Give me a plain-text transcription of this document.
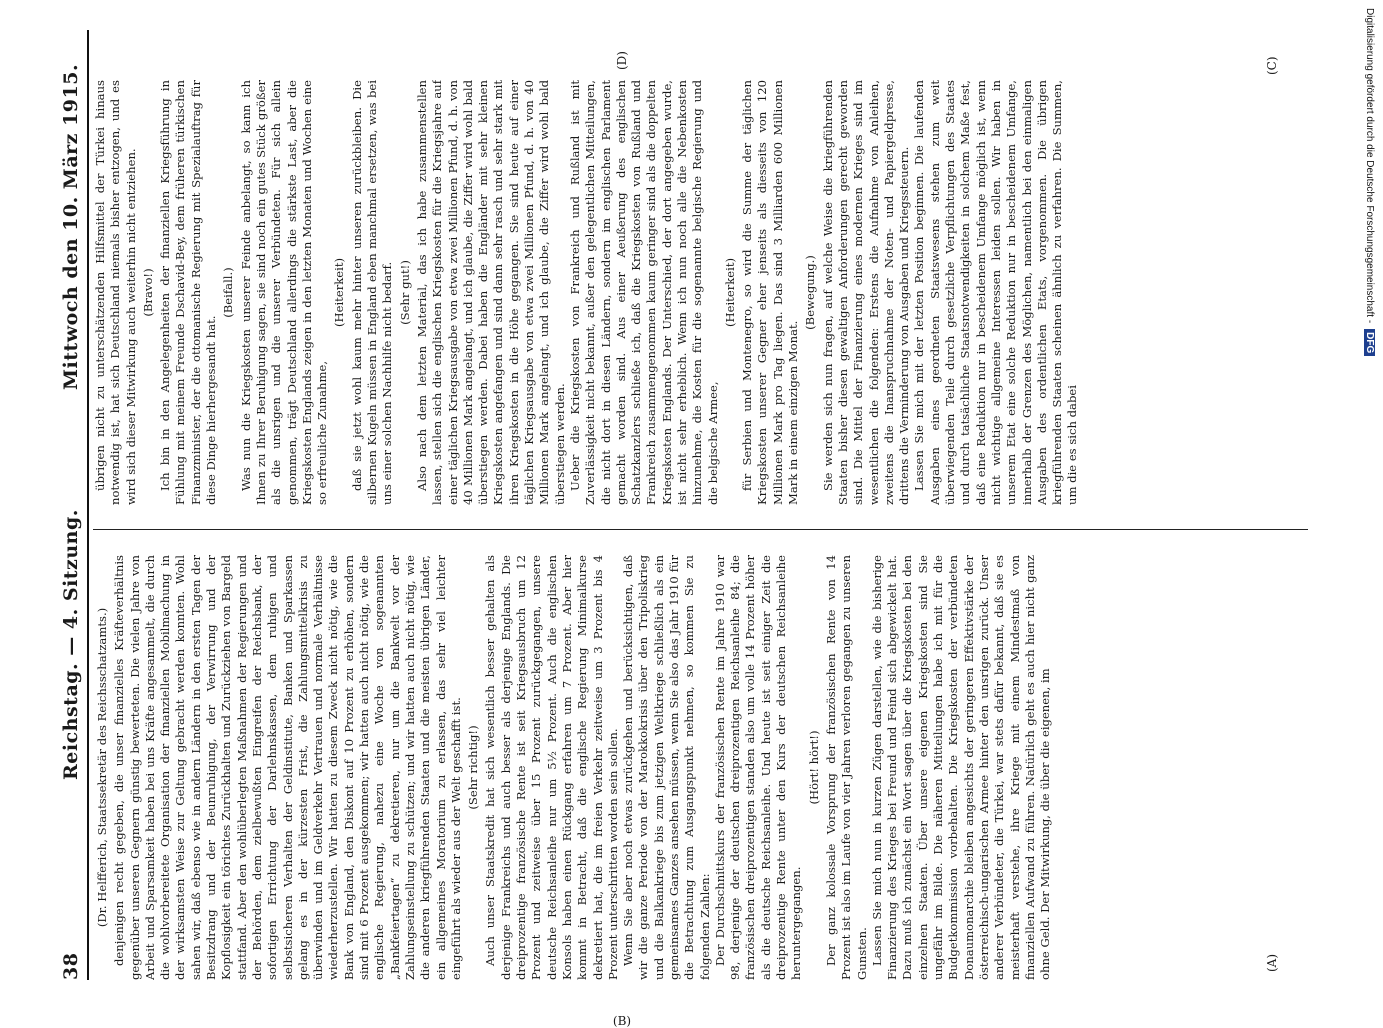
38
Reichstag. — 4. Sitzung.
Mittwoch den 10. März 1915.

(Dr. Helfferich, Staatssekretär des Reichsschatzamts.) denjenigen recht gegeben, die unser finanzielles Kräfteverhältnis gegenüber unseren Gegnern günstig bewerteten. Die vielen Jahre von Arbeit und Sparsamkeit haben bei uns Kräfte angesammelt, die durch die wohlvorbereitete Organisation der finanziellen Mobilmachung in der wirksamsten Weise zur Geltung gebracht werden konnten. Wohl sahen wir, daß ebenso wie in andern Ländern in den ersten Tagen der Besitzdrang und der Beunruhigung, der Verwirrung und der Kopflosigkeit ein törichtes Zurückhalten und Zurückziehen von Bargeld stattfand. Aber den wohlüberlegten Maßnahmen der Regierungen und der Behörden, dem zielbewußten Eingreifen der Reichsbank, der sofortigen Errichtung der Darlehnskassen, dem ruhigen und selbstsicheren Verhalten der Geldinstitute, Banken und Sparkassen gelang es in der kürzesten Frist, die Zahlungsmittelkrisis zu überwinden und im Geldverkehr Vertrauen und normale Verhältnisse wiederherzustellen. Wir hatten zu diesem Zweck nicht nötig, wie die Bank von England, den Diskont auf 10 Prozent zu erhöhen, sondern sind mit 6 Prozent ausgekommen; wir hatten auch nicht nötig, wie die englische Regierung, nahezu eine Woche von sogenannten „Bankfeiertagen“ zu dekretieren, nur um die Bankwelt vor der Zahlungseinstellung zu schützen; und wir hatten auch nicht nötig, wie die anderen kriegführenden Staaten und die meisten übrigen Länder, ein allgemeines Moratorium zu erlassen, das sehr viel leichter eingeführt als wieder aus der Welt geschafft ist. (Sehr richtig!) Auch unser Staatskredit hat sich wesentlich besser gehalten als derjenige Frankreichs und auch besser als derjenige Englands. Die dreiprozentige französische Rente ist seit Kriegsausbruch um 12 Prozent und zeitweise über 15 Prozent zurückgegangen, unsere deutsche Reichsanleihe nur um 5½ Prozent. Auch die englischen Konsols haben einen Rückgang erfahren um 7 Prozent. Aber hier kommt in Betracht, daß die englische Regierung Minimalkurse dekretiert hat, die im freien Verkehr zeitweise um 3 Prozent bis 4 Prozent unterschritten worden sein sollen. Wenn Sie aber noch etwas zurückgehen und berücksichtigen, daß wir die ganze Periode von der Marokkokrisis über den Tripoliskrieg und die Balkankriege bis zum jetzigen Weltkriege schließlich als ein gemeinsames Ganzes ansehen müssen, wenn Sie also das Jahr 1910 für die Betrachtung zum Ausgangspunkt nehmen, so kommen Sie zu folgenden Zahlen: Der Durchschnittskurs der französischen Rente im Jahre 1910 war 98, derjenige der deutschen dreiprozentigen Reichsanleihe 84; die französischen dreiprozentigen standen also um volle 14 Prozent höher als die deutsche Reichsanleihe. Und heute ist seit einiger Zeit die dreiprozentige Rente unter den Kurs der deutschen Reichsanleihe heruntergegangen.

(Hört! hört!) Der ganz kolossale Vorsprung der französischen Rente von 14 Prozent ist also im Laufe von vier Jahren verloren gegangen zu unseren Gunsten. Lassen Sie mich nun in kurzen Zügen darstellen, wie die bisherige Finanzierung des Krieges bei Freund und Feind sich abgewickelt hat. Dazu muß ich zunächst ein Wort sagen über die Kriegskosten bei den einzelnen Staaten. Über unsere eigenen Kriegskosten sind Sie ungefähr im Bilde. Die näheren Mitteilungen habe ich mit für die Budgetkommission vorbehalten. Die Kriegskosten der verbündeten Donaumonarchie bleiben angesichts der geringeren Effektivstärke der österreichisch-ungarischen Armee hinter den unsrigen zurück. Unser anderer Verbündeter, die Türkei, war stets dafür bekannt, daß sie es meisterhaft verstehe, ihre Kriege mit einem Mindestmaß von finanziellen Aufwand zu führen. Natürlich geht es auch hier nicht ganz ohne Geld. Der Mitwirkung, die über die eigenen, im

übrigen nicht zu unterschätzenden Hilfsmittel der Türkei hinaus notwendig ist, hat sich Deutschland niemals bisher entzogen, und es wird sich dieser Mitwirkung auch weiterhin nicht entziehen. (Bravo!) Ich bin in den Angelegenheiten der finanziellen Kriegsführung in Fühlung mit meinem Freunde Dschavid-Bey, dem früheren türkischen Finanzminister, der die ottomanische Regierung mit Spezialauftrag für diese Dinge hierhergesandt hat.

(Beifall.) Was nun die Kriegskosten unserer Feinde anbelangt, so kann ich Ihnen zu Ihrer Beruhigung sagen, sie sind noch ein gutes Stück größer als die unsrigen und die unserer Verbündeten. Für sich allein genommen, trägt Deutschland allerdings die stärkste Last, aber die Kriegskosten Englands zeigen in den letzten Monaten und Wochen eine so erfreuliche Zunahme,

(Heiterkeit) daß sie jetzt wohl kaum mehr hinter unseren zurückbleiben. Die silbernen Kugeln müssen in England eben manchmal ersetzen, was bei uns einer solchen Nachhilfe nicht bedarf. (Sehr gut!) Also nach dem letzten Material, das ich habe zusammenstellen lassen, stellen sich die englischen Kriegskosten für die Kriegsjahre auf einer täglichen Kriegsausgabe von etwa zwei Millionen Pfund, d. h. von 40 Millionen Mark angelangt, und ich glaube, die Ziffer wird wohl bald überstiegen werden. Dabei haben die Engländer mit sehr kleinen Kriegskosten angefangen und sind dann sehr rasch und sehr stark mit ihren Kriegskosten in die Höhe gegangen. Sie sind heute auf einer täglichen Kriegsausgabe von etwa zwei Millionen Pfund, d. h. von 40 Millionen Mark angelangt, und ich glaube, die Ziffer wird wohl bald überstiegen werden. Ueber die Kriegskosten von Frankreich und Rußland ist mit Zuverlässigkeit nicht bekannt, außer den gelegentlichen Mitteilungen, die nicht dort in diesen Ländern, sondern im englischen Parlament gemacht worden sind. Aus einer Aeußerung des englischen Schatzkanzlers schließe ich, daß die Kriegskosten von Rußland und Frankreich zusammengenommen kaum geringer sind als die doppelten Kriegskosten Englands. Der Unterschied, der dort angegeben wurde, ist nicht sehr erheblich. Wenn ich nun noch alle die Nebenkosten hinzunehme, die Kosten für die sogenannte belgische Regierung und die belgische Armee,

(Heiterkeit) für Serbien und Montenegro, so wird die Summe der täglichen Kriegskosten unserer Gegner eher jenseits als diesseits von 120 Millionen Mark pro Tag liegen. Das sind 3 Milliarden 600 Millionen Mark in einem einzigen Monat.

(Bewegung.) Sie werden sich nun fragen, auf welche Weise die kriegführenden Staaten bisher diesen gewaltigen Anforderungen gerecht geworden sind. Die Mittel der Finanzierung eines modernen Krieges sind im wesentlichen die folgenden: Erstens die Aufnahme von Anleihen, zweitens die Inanspruchnahme der Noten- und Papiergeldpresse, drittens die Verminderung von Ausgaben und Kriegssteuern. Lassen Sie mich mit der letzten Position beginnen. Die laufenden Ausgaben eines geordneten Staatswesens stehen zum weit überwiegenden Teile durch gesetzliche Verpflichtungen des Staates und durch tatsächliche Staatsnotwendigkeiten in solchem Maße fest, daß eine Reduktion nur in bescheidenem Umfange möglich ist, wenn nicht wichtige allgemeine Interessen leiden sollen. Wir haben in unserem Etat eine solche Reduktion nur in bescheidenem Umfange, innerhalb der Grenzen des Möglichen, namentlich bei den einmaligen Ausgaben des ordentlichen Etats, vorgenommen. Die übrigen kriegführenden Staaten scheinen ähnlich zu verfahren. Die Summen, um die es sich dabei

(A)
(B)
(C)
(D)	Digitalisierung gefördert durch die Deutsche Forschungsgemeinschaft -DFG
